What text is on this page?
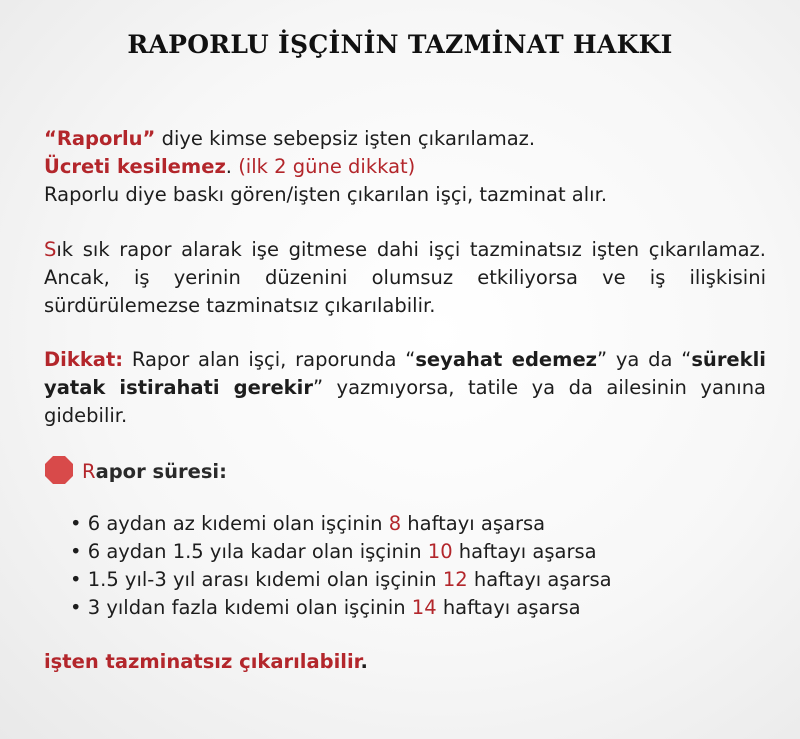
RAPORLU İŞÇİNİN TAZMİNAT HAKKI
“Raporlu” diye kimse sebepsiz işten çıkarılamaz.
Ücreti kesilemez. (ilk 2 güne dikkat)
Raporlu diye baskı gören/işten çıkarılan işçi, tazminat alır.
Sık sık rapor alarak işe gitmese dahi işçi tazminatsız işten çıkarılamaz. Ancak, iş yerinin düzenini olumsuz etkiliyorsa ve iş ilişkisini sürdürülemezse tazminatsız çıkarılabilir.
Dikkat: Rapor alan işçi, raporunda “seyahat edemez” ya da “sürekli yatak istirahati gerekir” yazmıyorsa, tatile ya da ailesinin yanına gidebilir.
Rapor süresi:
• 6 aydan az kıdemi olan işçinin 8 haftayı aşarsa
• 6 aydan 1.5 yıla kadar olan işçinin 10 haftayı aşarsa
• 1.5 yıl-3 yıl arası kıdemi olan işçinin 12 haftayı aşarsa
• 3 yıldan fazla kıdemi olan işçinin 14 haftayı aşarsa
işten tazminatsız çıkarılabilir.
